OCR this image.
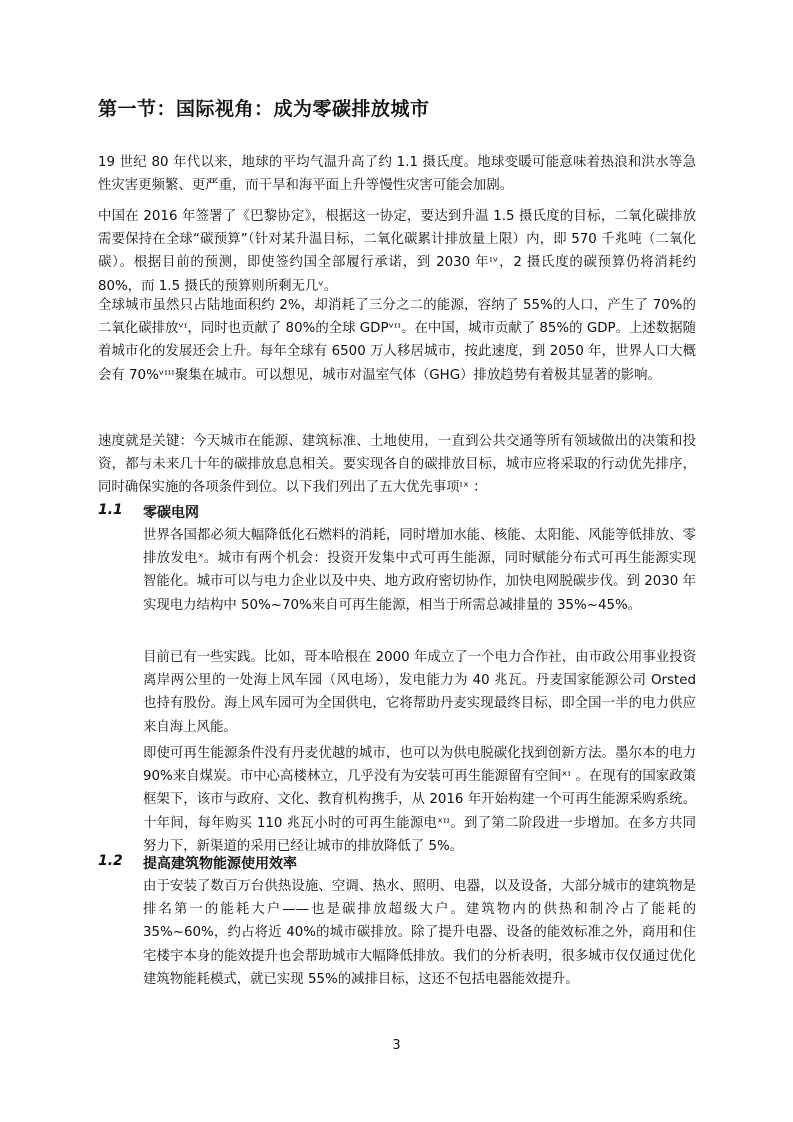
第一节：国际视角：成为零碳排放城市
19 世纪 80 年代以来，地球的平均气温升高了约 1.1 摄氏度。地球变暖可能意味着热浪和洪水等急性灾害更频繁、更严重，而干旱和海平面上升等慢性灾害可能会加剧。
中国在 2016 年签署了《巴黎协定》，根据这一协定，要达到升温 1.5 摄氏度的目标，二氧化碳排放需要保持在全球“碳预算”（针对某升温目标，二氧化碳累计排放量上限）内，即 570 千兆吨（二氧化碳）。根据目前的预测，即使签约国全部履行承诺，到 2030 年ᶦᵛ，2 摄氏度的碳预算仍将消耗约 80%，而 1.5 摄氏的预算则所剩无几ᵛ。
全球城市虽然只占陆地面积约 2%，却消耗了三分之二的能源，容纳了 55%的人口，产生了 70%的二氧化碳排放ᵛᶦ，同时也贡献了 80%的全球 GDPᵛᶦᶦ。在中国，城市贡献了 85%的 GDP。上述数据随着城市化的发展还会上升。每年全球有 6500 万人移居城市，按此速度，到 2050 年，世界人口大概会有 70%ᵛᶦᶦᶦ聚集在城市。可以想见，城市对温室气体（GHG）排放趋势有着极其显著的影响。
速度就是关键：今天城市在能源、建筑标准、土地使用，一直到公共交通等所有领域做出的决策和投资，都与未来几十年的碳排放息息相关。要实现各自的碳排放目标，城市应将采取的行动优先排序，同时确保实施的各项条件到位。以下我们列出了五大优先事项ᶦˣ ：
1.1 零碳电网
世界各国都必须大幅降低化石燃料的消耗，同时增加水能、核能、太阳能、风能等低排放、零排放发电ˣ。城市有两个机会：投资开发集中式可再生能源，同时赋能分布式可再生能源实现智能化。城市可以与电力企业以及中央、地方政府密切协作，加快电网脱碳步伐。到 2030 年实现电力结构中 50%~70%来自可再生能源，相当于所需总减排量的 35%~45%。
目前已有一些实践。比如，哥本哈根在 2000 年成立了一个电力合作社，由市政公用事业投资离岸两公里的一处海上风车园（风电场），发电能力为 40 兆瓦。丹麦国家能源公司 Orsted 也持有股份。海上风车园可为全国供电，它将帮助丹麦实现最终目标，即全国一半的电力供应来自海上风能。
即使可再生能源条件没有丹麦优越的城市，也可以为供电脱碳化找到创新方法。墨尔本的电力 90%来自煤炭。市中心高楼林立，几乎没有为安装可再生能源留有空间ˣᶦ 。在现有的国家政策框架下，该市与政府、文化、教育机构携手，从 2016 年开始构建一个可再生能源采购系统。十年间，每年购买 110 兆瓦小时的可再生能源电ˣᶦᶦ。到了第二阶段进一步增加。在多方共同努力下，新渠道的采用已经让城市的排放降低了 5%。
1.2 提高建筑物能源使用效率
由于安装了数百万台供热设施、空调、热水、照明、电器，以及设备，大部分城市的建筑物是排名第一的能耗大户——也是碳排放超级大户。建筑物内的供热和制冷占了能耗的 35%~60%，约占将近 40%的城市碳排放。除了提升电器、设备的能效标准之外，商用和住宅楼宇本身的能效提升也会帮助城市大幅降低排放。我们的分析表明，很多城市仅仅通过优化建筑物能耗模式，就已实现 55%的减排目标，这还不包括电器能效提升。
3
